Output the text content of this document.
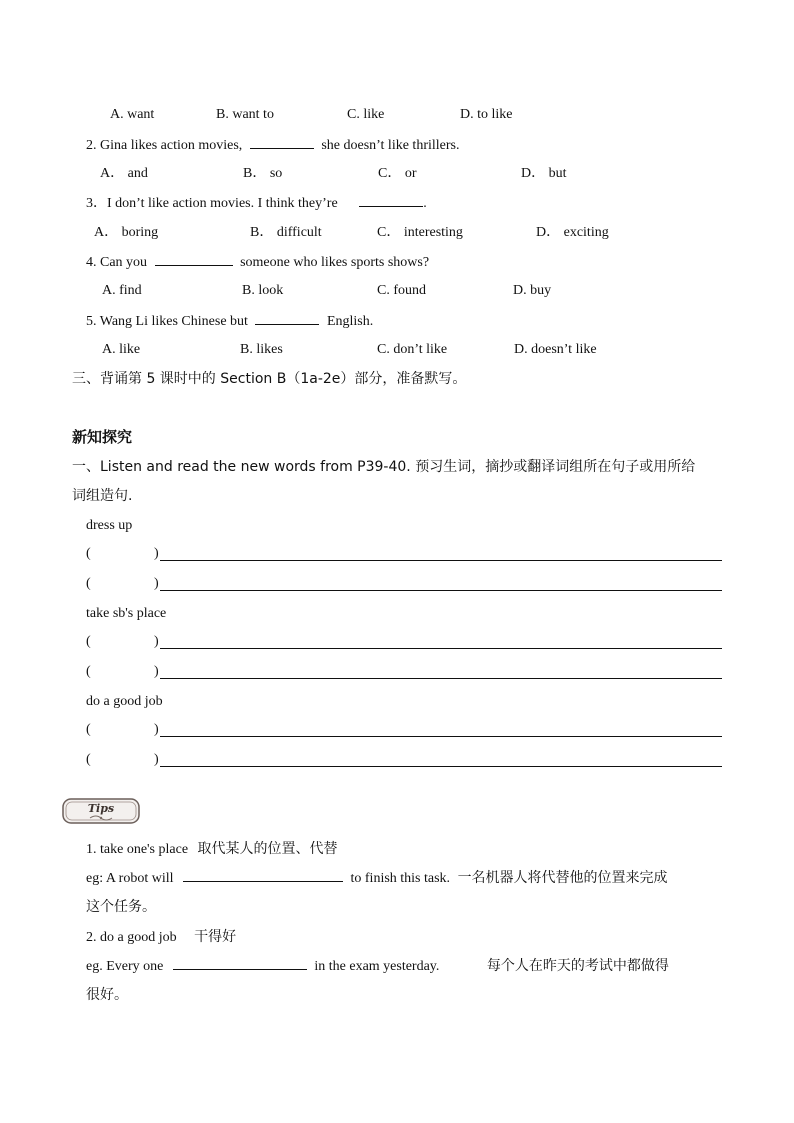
A. want	B. want to	C. like	D. to like
2. Gina likes action movies,	she doesn’t like thrillers.
A． and	B． so	C． or	D． but
3．I don’t like action movies. I think they’re	.
A． boring	B． difficult	C． interesting	D． exciting
4. Can you	someone who likes sports shows?
A. find	B. look	C. found	D. buy
5. Wang Li likes Chinese but	English.
A. like	B. likes	C. don’t like	D. doesn’t like
三、背诵第 5 课时中的 Section B（1a-2e）部分，准备默写。
新知探究
一、Listen and read the new words from P39-40. 预习生词，摘抄或翻译词组所在句子或用所给
词组造句.
dress up
(	)
(	)
take sb's place
(	)
(	)
do a good job
(	)
(	)
Tips
1. take one's place 取代某人的位置、代替
eg: A robot will	to finish this task. 一名机器人将代替他的位置来完成
这个任务。
2. do a good job 干得好
eg. Every one	in the exam yesterday.	每个人在昨天的考试中都做得
很好。
